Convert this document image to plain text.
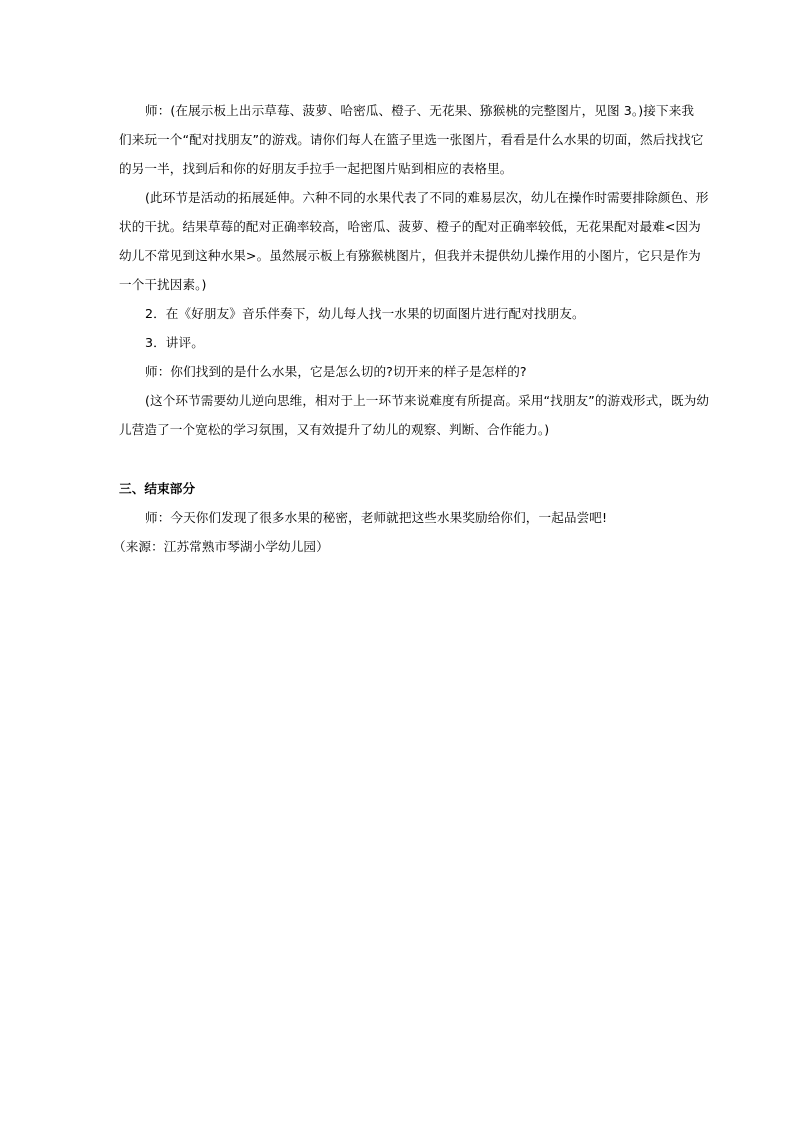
师：(在展示板上出示草莓、菠萝、哈密瓜、橙子、无花果、猕猴桃的完整图片，见图 3。)接下来我
们来玩一个“配对找朋友”的游戏。请你们每人在篮子里选一张图片，看看是什么水果的切面，然后找找它
的另一半，找到后和你的好朋友手拉手一起把图片贴到相应的表格里。
(此环节是活动的拓展延伸。六种不同的水果代表了不同的难易层次，幼儿在操作时需要排除颜色、形
状的干扰。结果草莓的配对正确率较高，哈密瓜、菠萝、橙子的配对正确率较低，无花果配对最难<因为
幼儿不常见到这种水果>。虽然展示板上有猕猴桃图片，但我并未提供幼儿操作用的小图片，它只是作为
一个干扰因素。)
2．在《好朋友》音乐伴奏下，幼儿每人找一水果的切面图片进行配对找朋友。
3．讲评。
师：你们找到的是什么水果，它是怎么切的?切开来的样子是怎样的?
(这个环节需要幼儿逆向思维，相对于上一环节来说难度有所提高。采用“找朋友”的游戏形式，既为幼
儿营造了一个宽松的学习氛围，又有效提升了幼儿的观察、判断、合作能力。)
三、结束部分
师：今天你们发现了很多水果的秘密，老师就把这些水果奖励给你们，一起品尝吧!
（来源：江苏常熟市琴湖小学幼儿园）
